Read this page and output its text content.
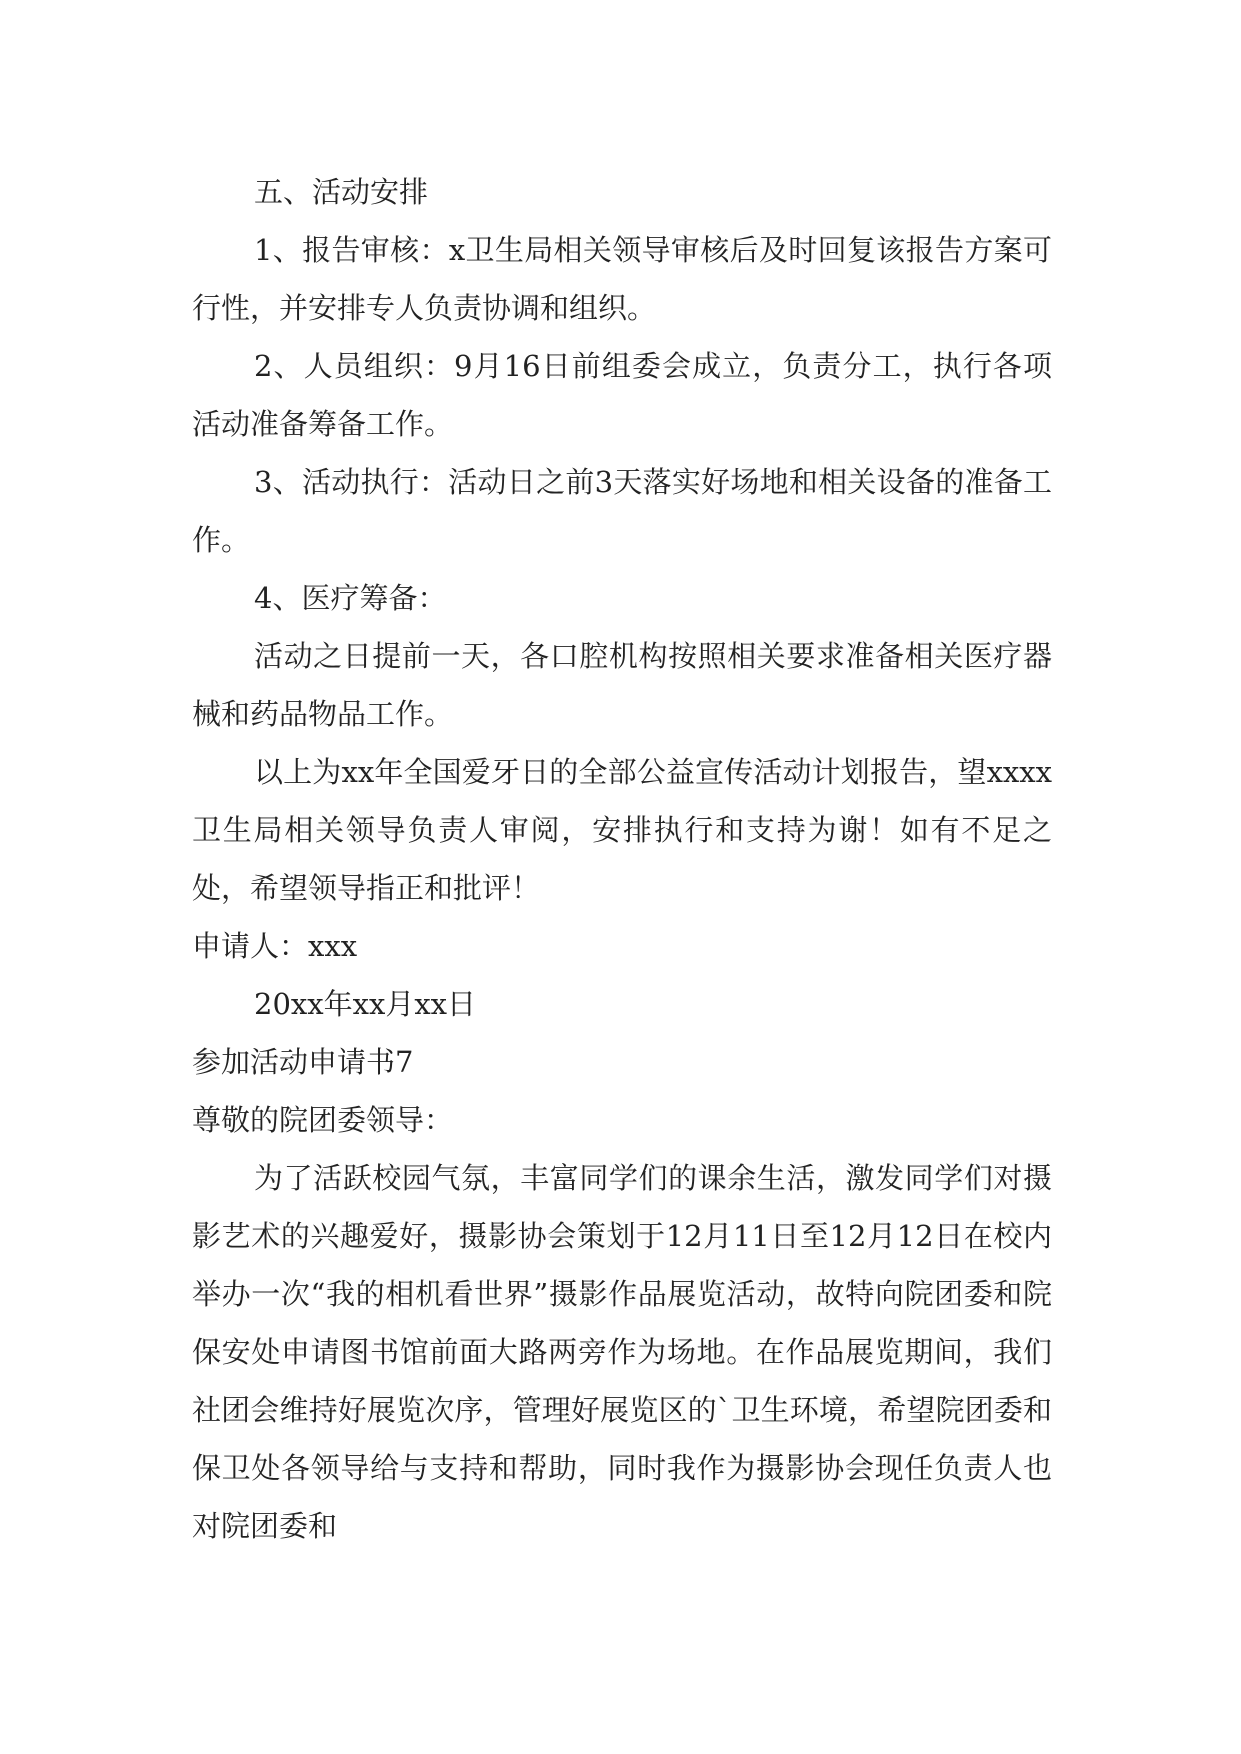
五、活动安排

1、报告审核：x卫生局相关领导审核后及时回复该报告方案可行性，并安排专人负责协调和组织。

2、人员组织：9月16日前组委会成立，负责分工，执行各项活动准备筹备工作。

3、活动执行：活动日之前3天落实好场地和相关设备的准备工作。

4、医疗筹备：

活动之日提前一天，各口腔机构按照相关要求准备相关医疗器械和药品物品工作。

以上为xx年全国爱牙日的全部公益宣传活动计划报告，望xxxx卫生局相关领导负责人审阅，安排执行和支持为谢！如有不足之处，希望领导指正和批评！

申请人：xxx

20xx年xx月xx日

参加活动申请书7

尊敬的院团委领导：

为了活跃校园气氛，丰富同学们的课余生活，激发同学们对摄影艺术的兴趣爱好，摄影协会策划于12月11日至12月12日在校内举办一次“我的相机看世界”摄影作品展览活动，故特向院团委和院保安处申请图书馆前面大路两旁作为场地。在作品展览期间，我们社团会维持好展览次序，管理好展览区的`卫生环境，希望院团委和保卫处各领导给与支持和帮助，同时我作为摄影协会现任负责人也对院团委和
